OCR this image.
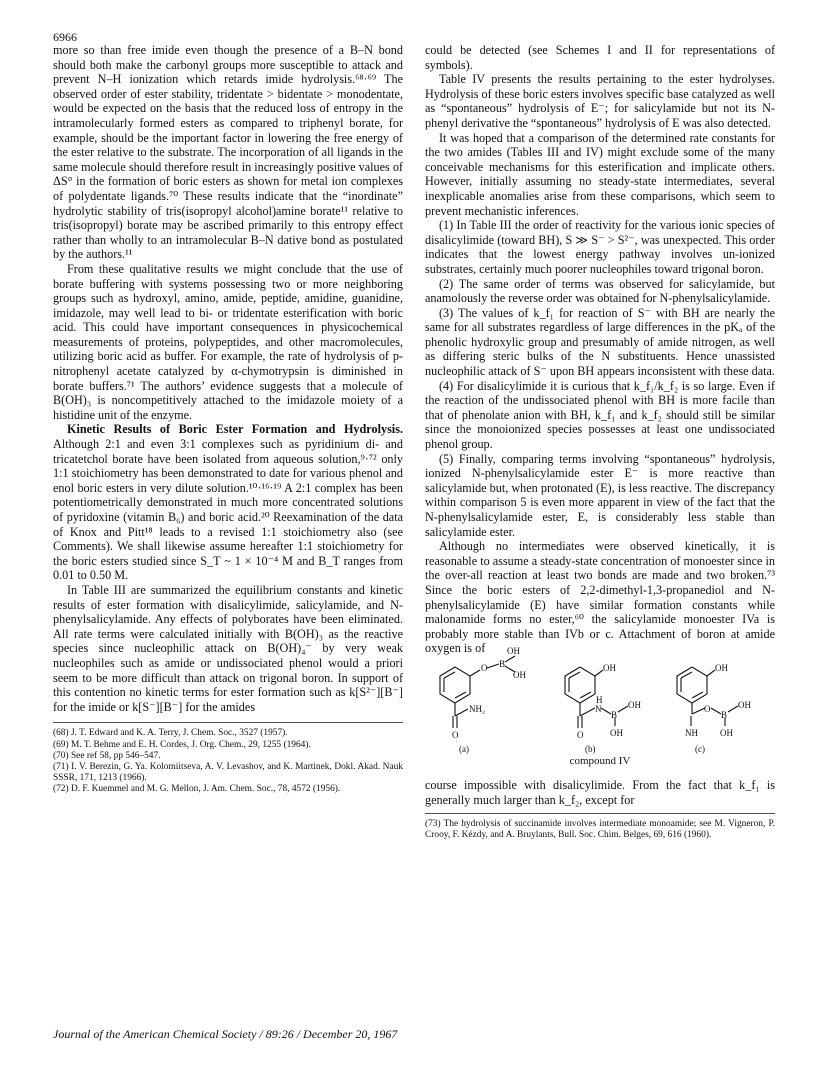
6966

more so than free imide even though the presence of a B–N bond should both make the carbonyl groups more susceptible to attack and prevent N–H ionization which retards imide hydrolysis.⁶⁸·⁶⁹ The observed order of ester stability, tridentate > bidentate > monodentate, would be expected on the basis that the reduced loss of entropy in the intramolecularly formed esters as compared to triphenyl borate, for example, should be the important factor in lowering the free energy of the ester relative to the substrate. The incorporation of all ligands in the same molecule should therefore result in increasingly positive values of ΔS° in the formation of boric esters as shown for metal ion complexes of polydentate ligands.⁷⁰ These results indicate that the “inordinate” hydrolytic stability of tris(isopropyl alcohol)amine borate¹¹ relative to tris(isopropyl) borate may be ascribed primarily to this entropy effect rather than wholly to an intramolecular B–N dative bond as postulated by the authors.¹¹

From these qualitative results we might conclude that the use of borate buffering with systems possessing two or more neighboring groups such as hydroxyl, amino, amide, peptide, amidine, guanidine, imidazole, may well lead to bi- or tridentate esterification with boric acid. This could have important consequences in physicochemical measurements of proteins, polypeptides, and other macromolecules, utilizing boric acid as buffer. For example, the rate of hydrolysis of p-nitrophenyl acetate catalyzed by α-chymotrypsin is diminished in borate buffers.⁷¹ The authors’ evidence suggests that a molecule of B(OH)₃ is noncompetitively attached to the imidazole moiety of a histidine unit of the enzyme.

Kinetic Results of Boric Ester Formation and Hydrolysis. Although 2:1 and even 3:1 complexes such as pyridinium di- and tricatetchol borate have been isolated from aqueous solution,⁹·⁷² only 1:1 stoichiometry has been demonstrated to date for various phenol and enol boric esters in very dilute solution.¹⁰·¹⁶·¹⁹ A 2:1 complex has been potentiometrically demonstrated in much more concentrated solutions of pyridoxine (vitamin B₆) and boric acid.²⁰ Reexamination of the data of Knox and Pitt¹⁸ leads to a revised 1:1 stoichiometry also (see Comments). We shall likewise assume hereafter 1:1 stoichiometry for the boric esters studied since S_T ~ 1 × 10⁻⁴ M and B_T ranges from 0.01 to 0.50 M.

In Table III are summarized the equilibrium constants and kinetic results of ester formation with disalicylimide, salicylamide, and N-phenylsalicylamide. Any effects of polyborates have been eliminated. All rate terms were calculated initially with B(OH)₃ as the reactive species since nucleophilic attack on B(OH)₄⁻ by very weak nucleophiles such as amide or undissociated phenol would a priori seem to be more difficult than attack on trigonal boron. In support of this contention no kinetic terms for ester formation such as k[S²⁻][B⁻] for the imide or k[S⁻][B⁻] for the amides

(68) J. T. Edward and K. A. Terry, J. Chem. Soc., 3527 (1957).
(69) M. T. Behme and E. H. Cordes, J. Org. Chem., 29, 1255 (1964).
(70) See ref 58, pp 546–547.
(71) I. V. Berezin, G. Ya. Kolomiitseva, A. V. Levashov, and K. Martinek, Dokl. Akad. Nauk SSSR, 171, 1213 (1966).
(72) D. F. Kuemmel and M. G. Mellon, J. Am. Chem. Soc., 78, 4572 (1956).

could be detected (see Schemes I and II for representations of symbols).

Table IV presents the results pertaining to the ester hydrolyses. Hydrolysis of these boric esters involves specific base catalyzed as well as “spontaneous” hydrolysis of E⁻; for salicylamide but not its N-phenyl derivative the “spontaneous” hydrolysis of E was also detected.

It was hoped that a comparison of the determined rate constants for the two amides (Tables III and IV) might exclude some of the many conceivable mechanisms for this esterification and implicate others. However, initially assuming no steady-state intermediates, several inexplicable anomalies arise from these comparisons, which seem to prevent mechanistic inferences.

(1) In Table III the order of reactivity for the various ionic species of disalicylimide (toward BH), S ≫ S⁻ > S²⁻, was unexpected. This order indicates that the lowest energy pathway involves un-ionized substrates, certainly much poorer nucleophiles toward trigonal boron.

(2) The same order of terms was observed for salicylamide, but anamolously the reverse order was obtained for N-phenylsalicylamide.

(3) The values of k_f₁ for reaction of S⁻ with BH are nearly the same for all substrates regardless of large differences in the pKₐ of the phenolic hydroxylic group and presumably of amide nitrogen, as well as differing steric bulks of the N substituents. Hence unassisted nucleophilic attack of S⁻ upon BH appears inconsistent with these data.

(4) For disalicylimide it is curious that k_f₁/k_f₂ is so large. Even if the reaction of the undissociated phenol with BH is more facile than that of phenolate anion with BH, k_f₁ and k_f₂ should still be similar since the monoionized species possesses at least one undissociated phenol group.

(5) Finally, comparing terms involving “spontaneous” hydrolysis, ionized N-phenylsalicylamide ester E⁻ is more reactive than salicylamide but, when protonated (E), is less reactive. The discrepancy within comparison 5 is even more apparent in view of the fact that the N-phenylsalicylamide ester, E, is considerably less stable than salicylamide ester.

Although no intermediates were observed kinetically, it is reasonable to assume a steady-state concentration of monoester since in the over-all reaction at least two bonds are made and two broken.⁷³ Since the boric esters of 2,2-dimethyl-1,3-propanediol and N-phenylsalicylamide (E) have similar formation constants while malonamide forms no ester,⁶⁰ the salicylamide monoester IVa is probably more stable than IVb or c. Attachment of boron at amide oxygen is of	OH
O B
OH
NH₂
O
OH
N
H
B
OH
O	OH
OH
O
B
OH
NH OH
(a)	(b)	(c)
compound IV

course impossible with disalicylimide. From the fact that k_f₁ is generally much larger than k_f₂, except for

(73) The hydrolysis of succinamide involves intermediate monoamide; see M. Vigneron, P. Crooy, F. Kézdy, and A. Bruylants, Bull. Soc. Chim. Belges, 69, 616 (1960).
Journal of the American Chemical Society / 89:26 / December 20, 1967
